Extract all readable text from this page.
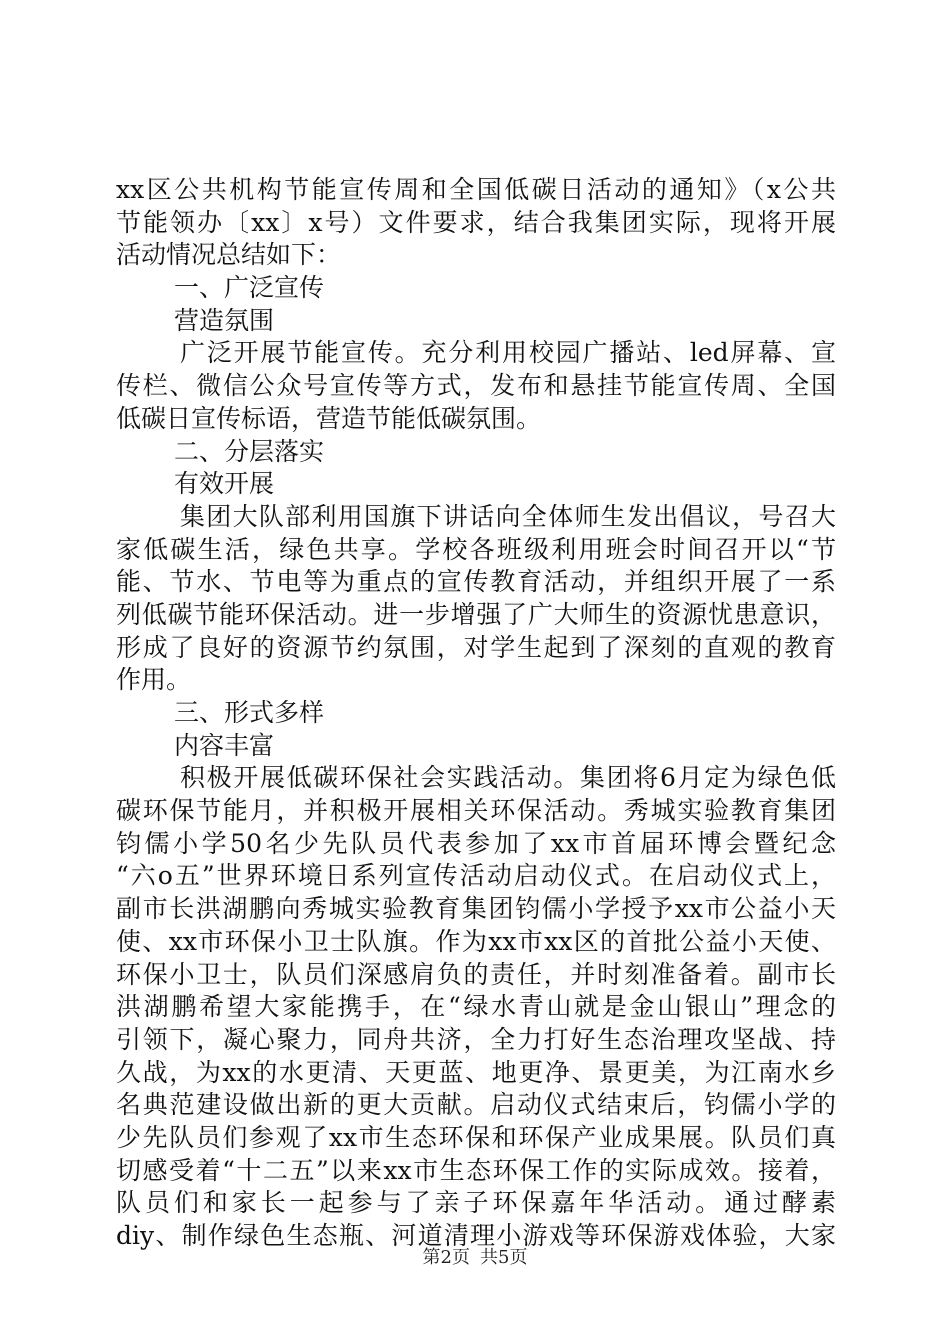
xx区公共机构节能宣传周和全国低碳日活动的通知》（x公共
节能领办〔xx〕x号）文件要求，结合我集团实际，现将开展
活动情况总结如下：
一、广泛宣传
营造氛围
广泛开展节能宣传。充分利用校园广播站、led屏幕、宣
传栏、微信公众号宣传等方式，发布和悬挂节能宣传周、全国
低碳日宣传标语，营造节能低碳氛围。
二、分层落实
有效开展
集团大队部利用国旗下讲话向全体师生发出倡议，号召大
家低碳生活，绿色共享。学校各班级利用班会时间召开以“节
能、节水、节电等为重点的宣传教育活动，并组织开展了一系
列低碳节能环保活动。进一步增强了广大师生的资源忧患意识，
形成了良好的资源节约氛围，对学生起到了深刻的直观的教育
作用。
三、形式多样
内容丰富
积极开展低碳环保社会实践活动。集团将6月定为绿色低
碳环保节能月，并积极开展相关环保活动。秀城实验教育集团
钧儒小学50名少先队员代表参加了xx市首届环博会暨纪念
“六o五”世界环境日系列宣传活动启动仪式。在启动仪式上，
副市长洪湖鹏向秀城实验教育集团钧儒小学授予xx市公益小天
使、xx市环保小卫士队旗。作为xx市xx区的首批公益小天使、
环保小卫士，队员们深感肩负的责任，并时刻准备着。副市长
洪湖鹏希望大家能携手，在“绿水青山就是金山银山”理念的
引领下，凝心聚力，同舟共济，全力打好生态治理攻坚战、持
久战，为xx的水更清、天更蓝、地更净、景更美，为江南水乡
名典范建设做出新的更大贡献。启动仪式结束后，钧儒小学的
少先队员们参观了xx市生态环保和环保产业成果展。队员们真
切感受着“十二五”以来xx市生态环保工作的实际成效。接着，
队员们和家长一起参与了亲子环保嘉年华活动。通过酵素
diy、制作绿色生态瓶、河道清理小游戏等环保游戏体验，大家
第2页 共5页
